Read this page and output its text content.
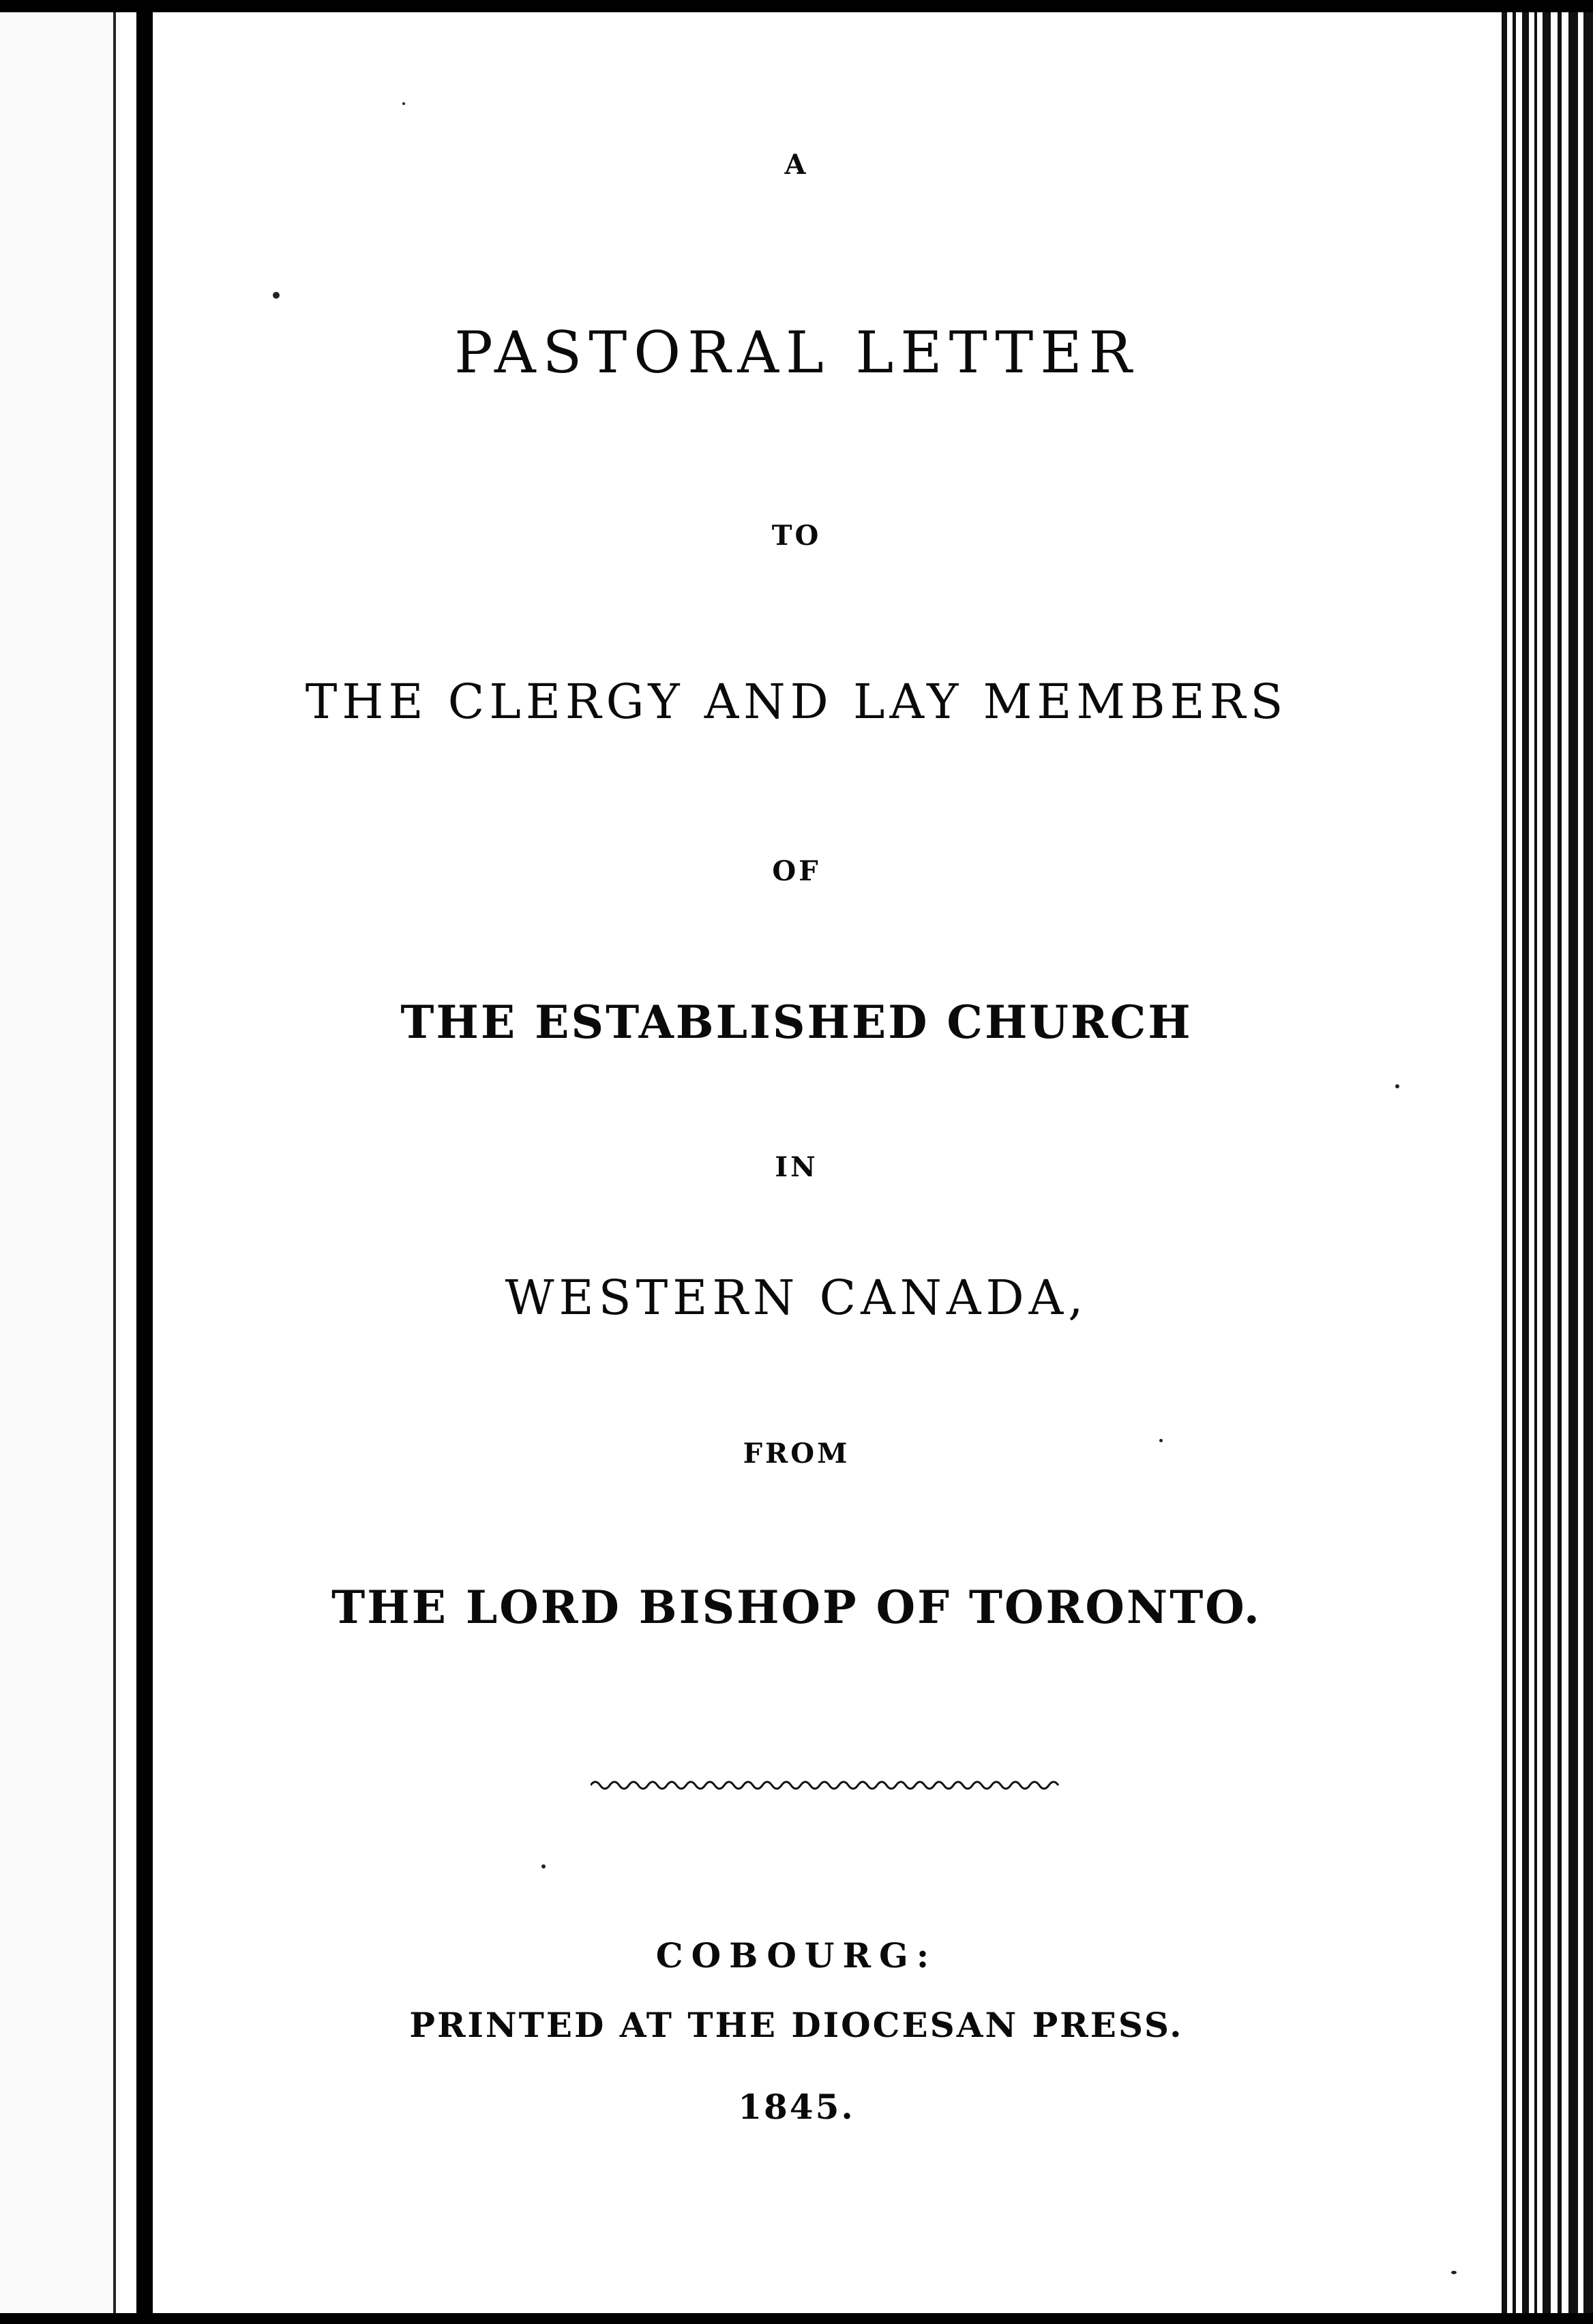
A
PASTORAL LETTER
TO
THE CLERGY AND LAY MEMBERS
OF
THE ESTABLISHED CHURCH
IN
WESTERN CANADA,
FROM
THE LORD BISHOP OF TORONTO.
COBOURG:
PRINTED AT THE DIOCESAN PRESS.
1845.
